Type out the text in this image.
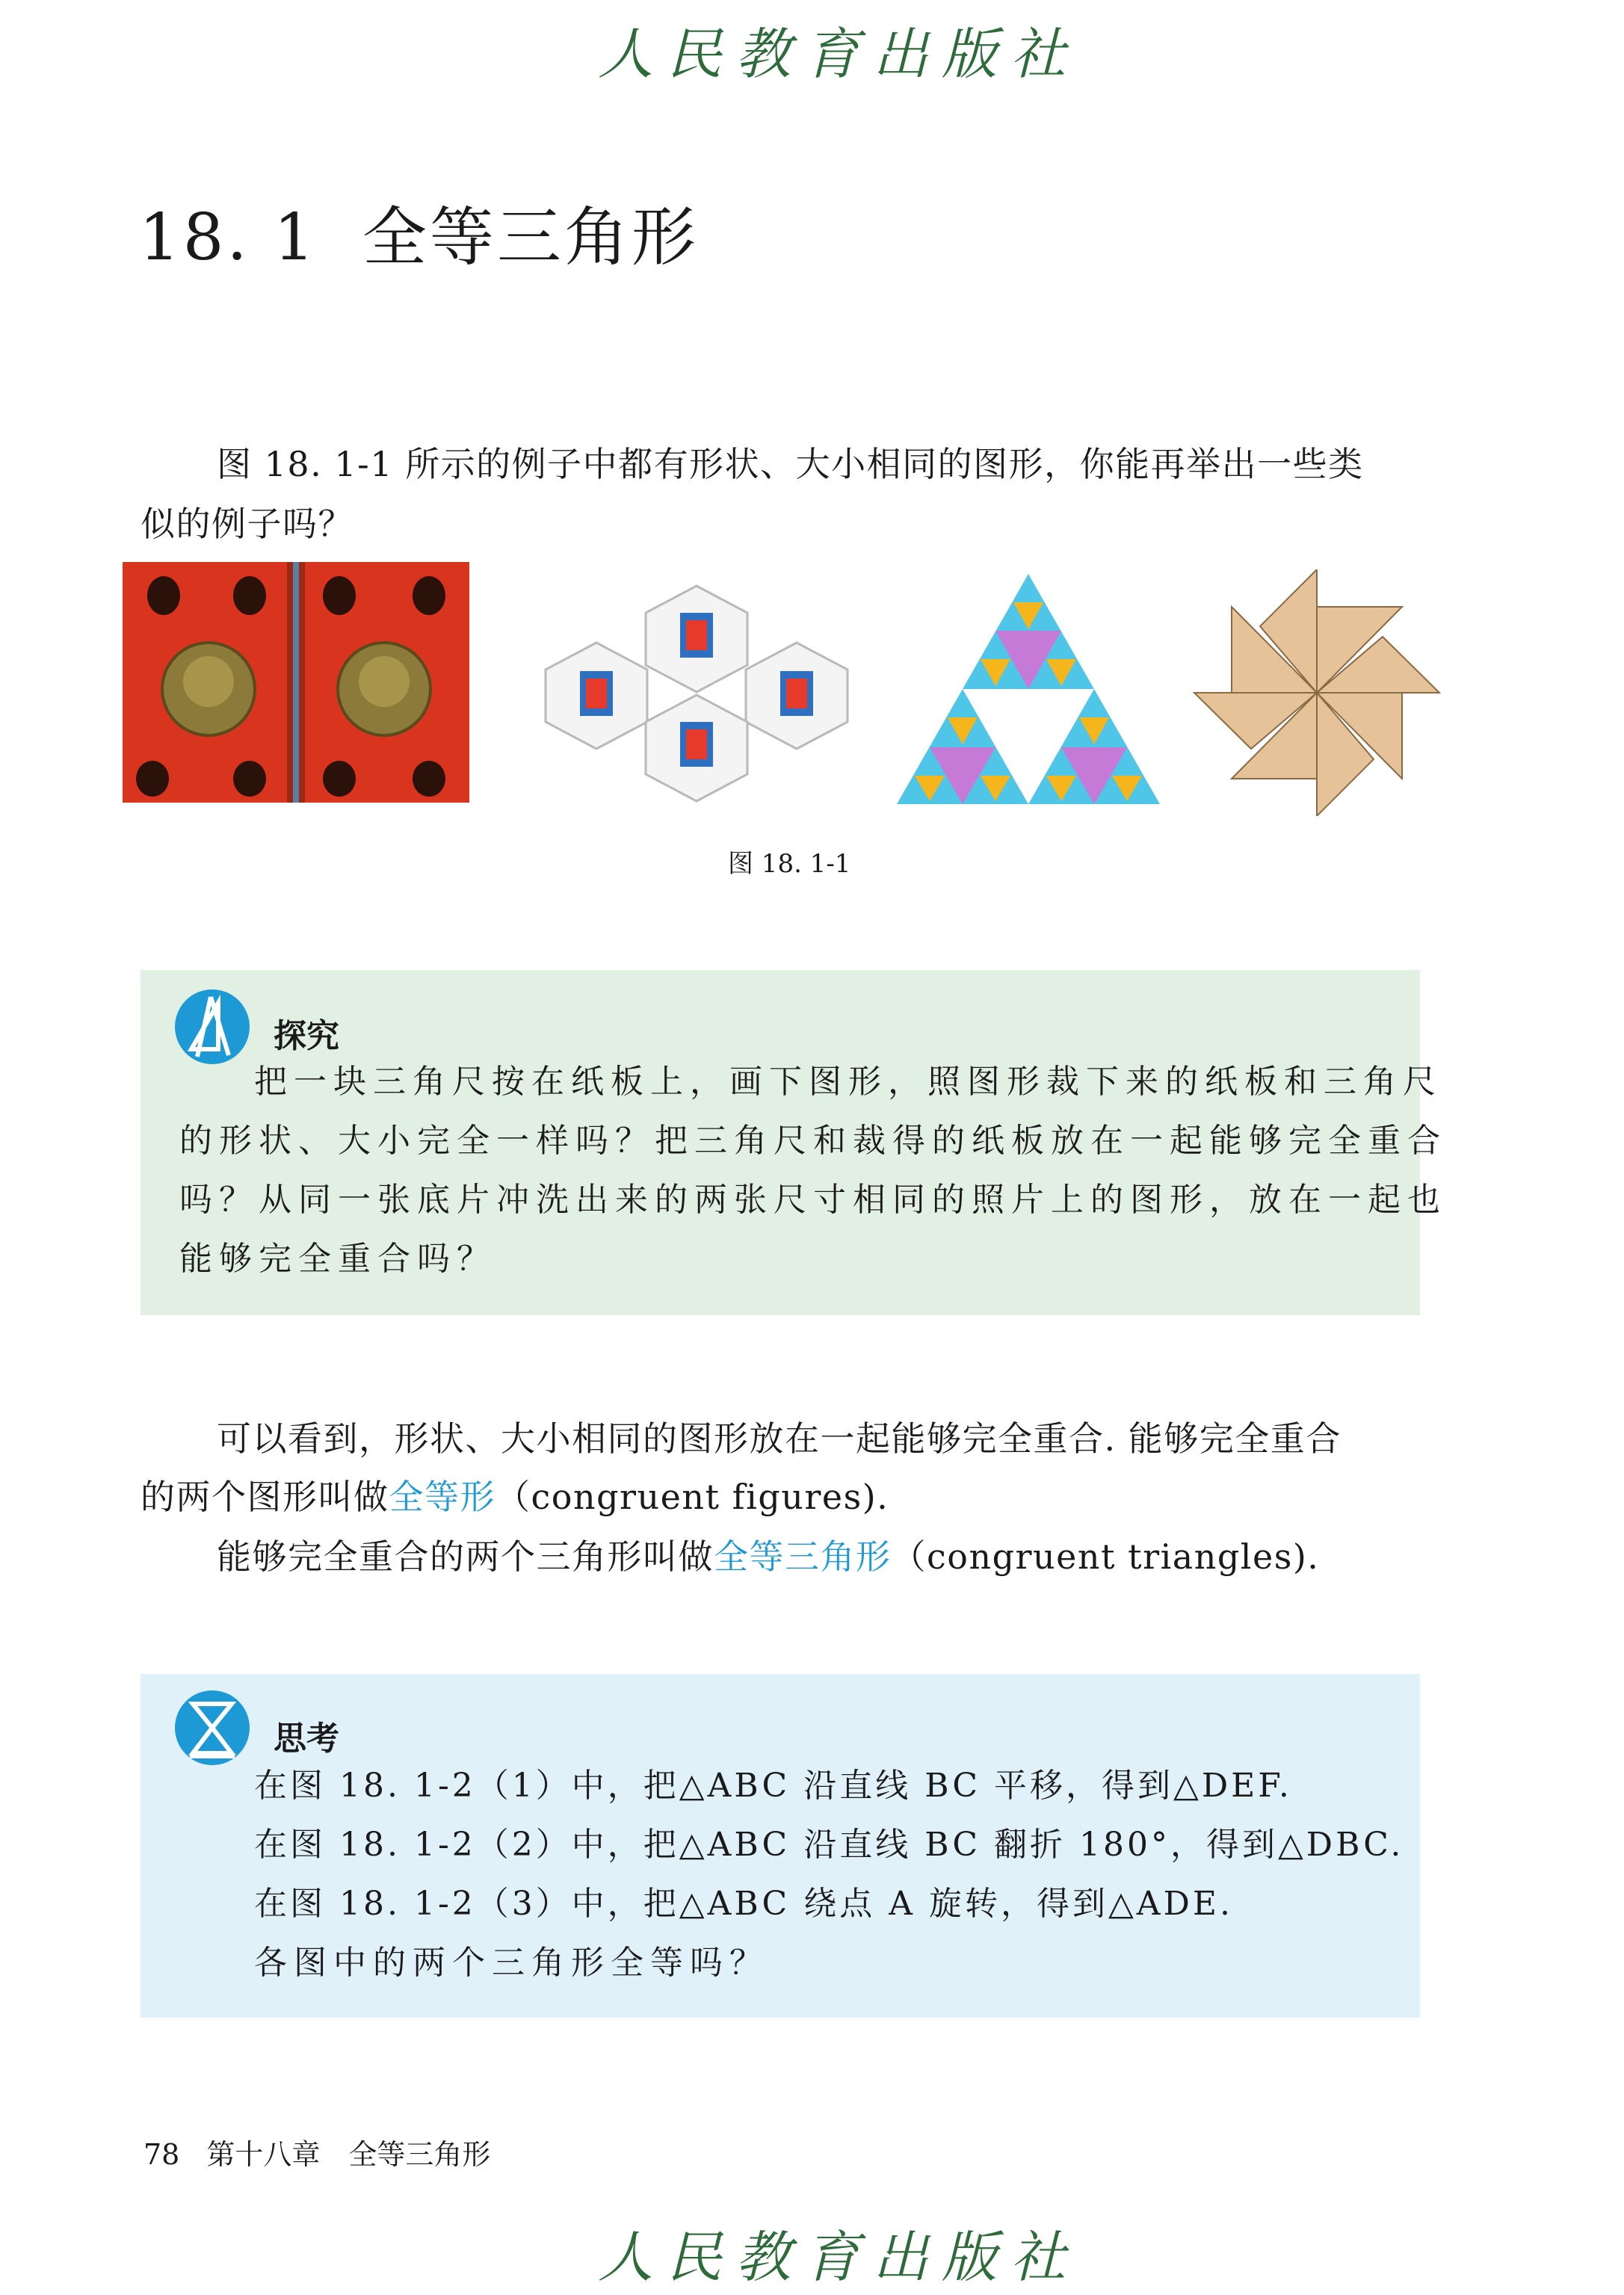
人民教育出版社
18. 1 全等三角形
图 18. 1-1 所示的例子中都有形状、大小相同的图形，你能再举出一些类
似的例子吗？
图 18. 1-1
探究
把一块三角尺按在纸板上，画下图形，照图形裁下来的纸板和三角尺
的形状、大小完全一样吗？把三角尺和裁得的纸板放在一起能够完全重合
吗？从同一张底片冲洗出来的两张尺寸相同的照片上的图形，放在一起也
能够完全重合吗？
可以看到，形状、大小相同的图形放在一起能够完全重合. 能够完全重合
的两个图形叫做全等形（congruent figures).
能够完全重合的两个三角形叫做全等三角形（congruent triangles).
思考
在图 18. 1-2（1）中，把△ABC 沿直线 BC 平移，得到△DEF.
在图 18. 1-2（2）中，把△ABC 沿直线 BC 翻折 180°，得到△DBC.
在图 18. 1-2（3）中，把△ABC 绕点 A 旋转，得到△ADE.
各图中的两个三角形全等吗？
78 第十八章　全等三角形
人民教育出版社
